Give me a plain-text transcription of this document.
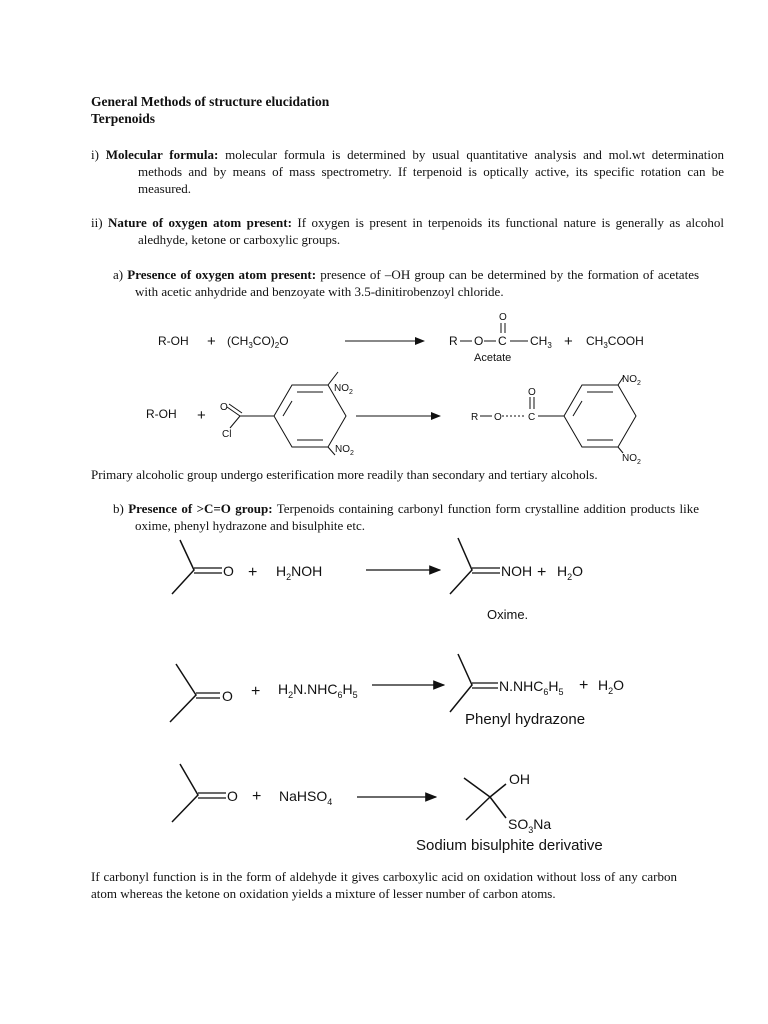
General Methods of structure elucidation
Terpenoids
i) Molecular formula: molecular formula is determined by usual quantitative analysis and mol.wt determination methods and by means of mass spectrometry. If terpenoid is optically active, its specific rotation can be measured.
ii) Nature of oxygen atom present: If oxygen is present in terpenoids its functional nature is generally as alcohol aledhyde, ketone or carboxylic groups.
a) Presence of oxygen atom present: presence of –OH group can be determined by the formation of acetates with acetic anhydride and benzoyate with 3.5-dinitirobenzoyl chloride.
$R-OH + (CH_3CO)_2O$	R O C
O
$CH_3$ + $CH_3COOH$
Acetate
R-OH + O
Cl
$NO_2$
$NO_2$
R O	C
O
$NO_2$
$NO_2$
$O + H_2NOH$	NOH + $H_2O$
Oxime.
$O + H_2N.NHC_6H_5$
$N.NHC_6H_5 + H_2O$
Phenyl hydrazone
O + NaHSO$_4$
OH
$SO_3Na$
Sodium bisulphite derivative
Primary alcoholic group undergo esterification more readily than secondary and tertiary alcohols.
b) Presence of >C=O group: Terpenoids containing carbonyl function form crystalline addition products like oxime, phenyl hydrazone and bisulphite etc.
If carbonyl function is in the form of aldehyde it gives carboxylic acid on oxidation without loss of any carbon atom whereas the ketone on oxidation yields a mixture of lesser number of carbon atoms.
